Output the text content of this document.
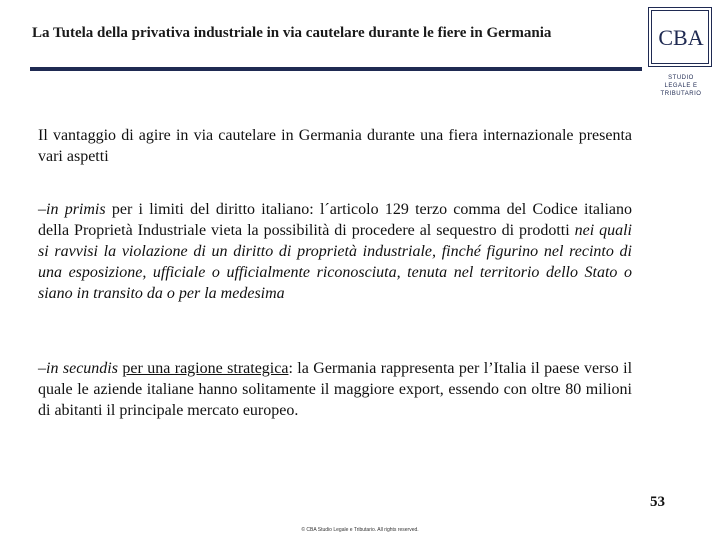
La Tutela della privativa industriale in via cautelare durante le fiere in Germania	CBA
STUDIO
LEGALE E TRIBUTARIO
Il vantaggio di agire in via cautelare in Germania durante una fiera internazionale presenta vari aspetti
–in primis per i limiti del diritto italiano: l´articolo 129 terzo comma del Codice italiano della Proprietà Industriale vieta la possibilità di procedere al sequestro di prodotti nei quali si ravvisi la violazione di un diritto di proprietà industriale, finché figurino nel recinto di una esposizione, ufficiale o ufficialmente riconosciuta, tenuta nel territorio dello Stato o siano in transito da o per la medesima
–in secundis per una ragione strategica: la Germania rappresenta per l’Italia il paese verso il quale le aziende italiane hanno solitamente il maggiore export, essendo con oltre 80 milioni di abitanti il principale mercato europeo.
53
© CBA Studio Legale e Tributario. All rights reserved.
